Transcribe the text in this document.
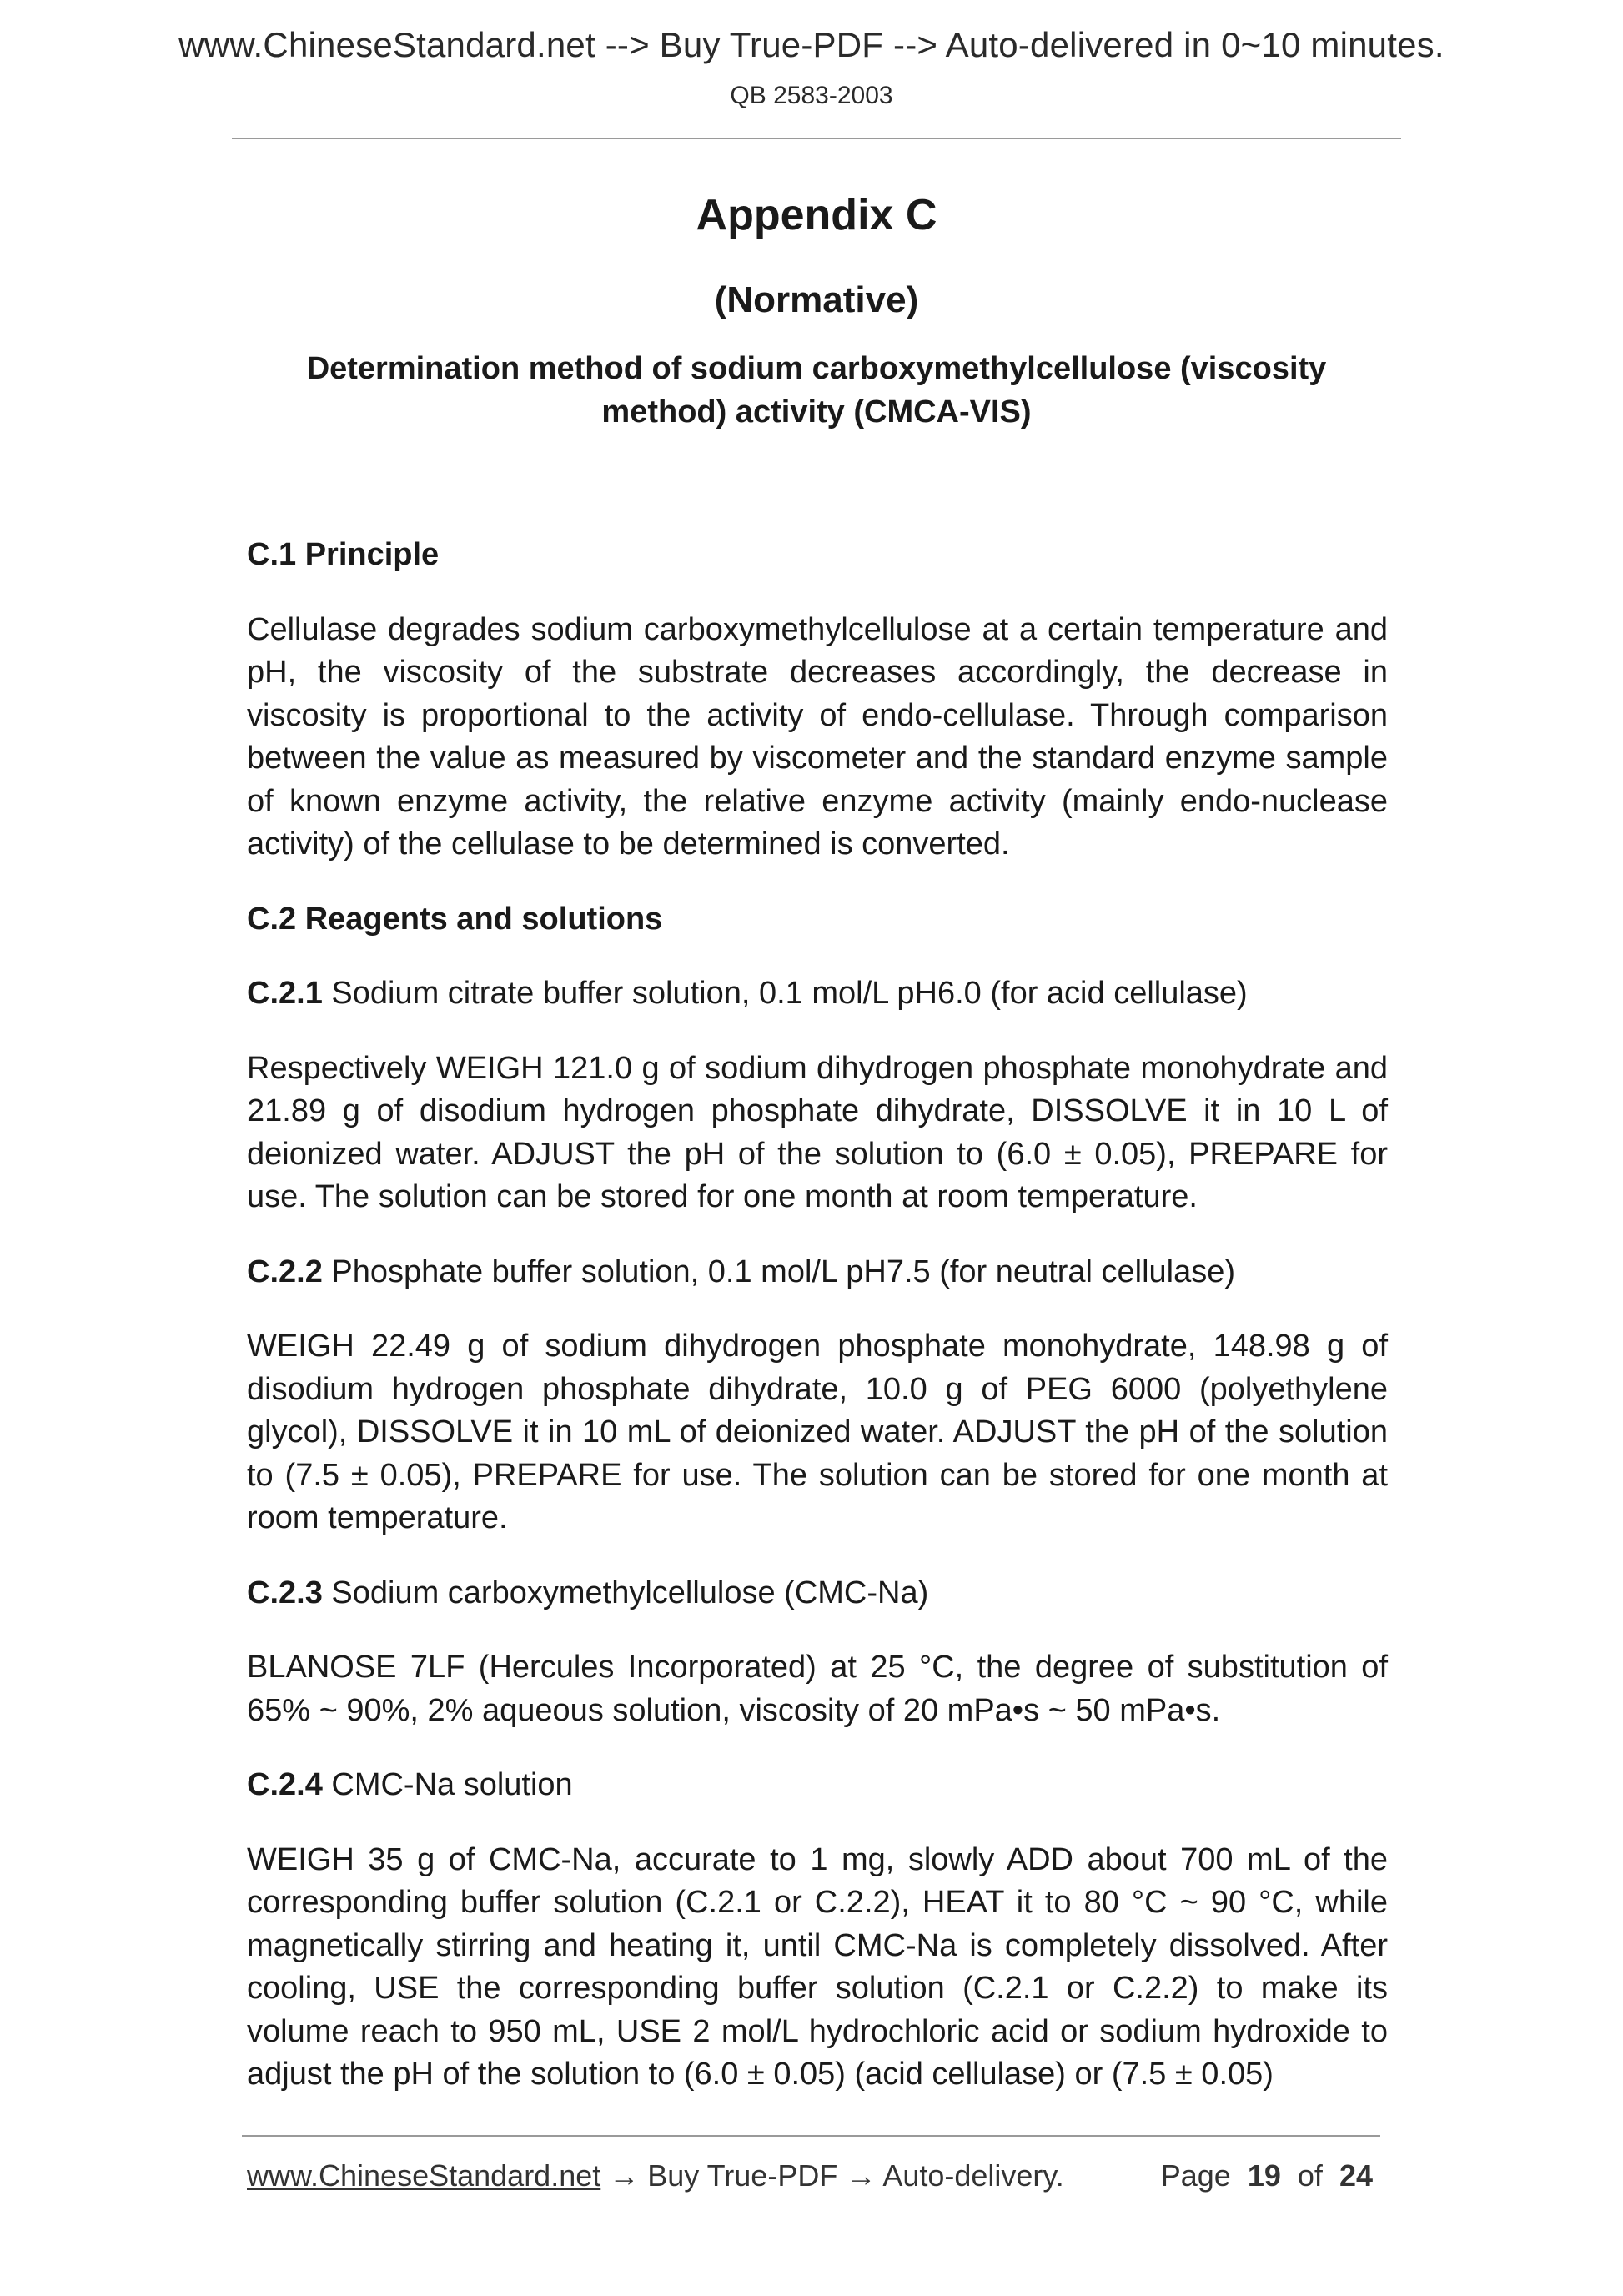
www.ChineseStandard.net --> Buy True-PDF --> Auto-delivered in 0~10 minutes.
QB 2583-2003
Appendix C
(Normative)
Determination method of sodium carboxymethylcellulose (viscosity
method) activity (CMCA-VIS)

C.1 Principle

Cellulase degrades sodium carboxymethylcellulose at a certain temperature and pH, the viscosity of the substrate decreases accordingly, the decrease in viscosity is proportional to the activity of endo-cellulase. Through comparison between the value as measured by viscometer and the standard enzyme sample of known enzyme activity, the relative enzyme activity (mainly endo-nuclease activity) of the cellulase to be determined is converted.

C.2 Reagents and solutions

C.2.1 Sodium citrate buffer solution, 0.1 mol/L pH6.0 (for acid cellulase)

Respectively WEIGH 121.0 g of sodium dihydrogen phosphate monohydrate and 21.89 g of disodium hydrogen phosphate dihydrate, DISSOLVE it in 10 L of deionized water. ADJUST the pH of the solution to (6.0 ± 0.05), PREPARE for use. The solution can be stored for one month at room temperature.

C.2.2 Phosphate buffer solution, 0.1 mol/L pH7.5 (for neutral cellulase)

WEIGH 22.49 g of sodium dihydrogen phosphate monohydrate, 148.98 g of disodium hydrogen phosphate dihydrate, 10.0 g of PEG 6000 (polyethylene glycol), DISSOLVE it in 10 mL of deionized water. ADJUST the pH of the solution to (7.5 ± 0.05), PREPARE for use. The solution can be stored for one month at room temperature.

C.2.3 Sodium carboxymethylcellulose (CMC-Na)

BLANOSE 7LF (Hercules Incorporated) at 25 °C, the degree of substitution of 65% ~ 90%, 2% aqueous solution, viscosity of 20 mPa•s ~ 50 mPa•s.

C.2.4 CMC-Na solution

WEIGH 35 g of CMC-Na, accurate to 1 mg, slowly ADD about 700 mL of the corresponding buffer solution (C.2.1 or C.2.2), HEAT it to 80 °C ~ 90 °C, while magnetically stirring and heating it, until CMC-Na is completely dissolved. After cooling, USE the corresponding buffer solution (C.2.1 or C.2.2) to make its volume reach to 950 mL, USE 2 mol/L hydrochloric acid or sodium hydroxide to adjust the pH of the solution to (6.0 ± 0.05) (acid cellulase) or (7.5 ± 0.05)

www.ChineseStandard.net → Buy True-PDF → Auto-delivery.	Page 19 of 24
